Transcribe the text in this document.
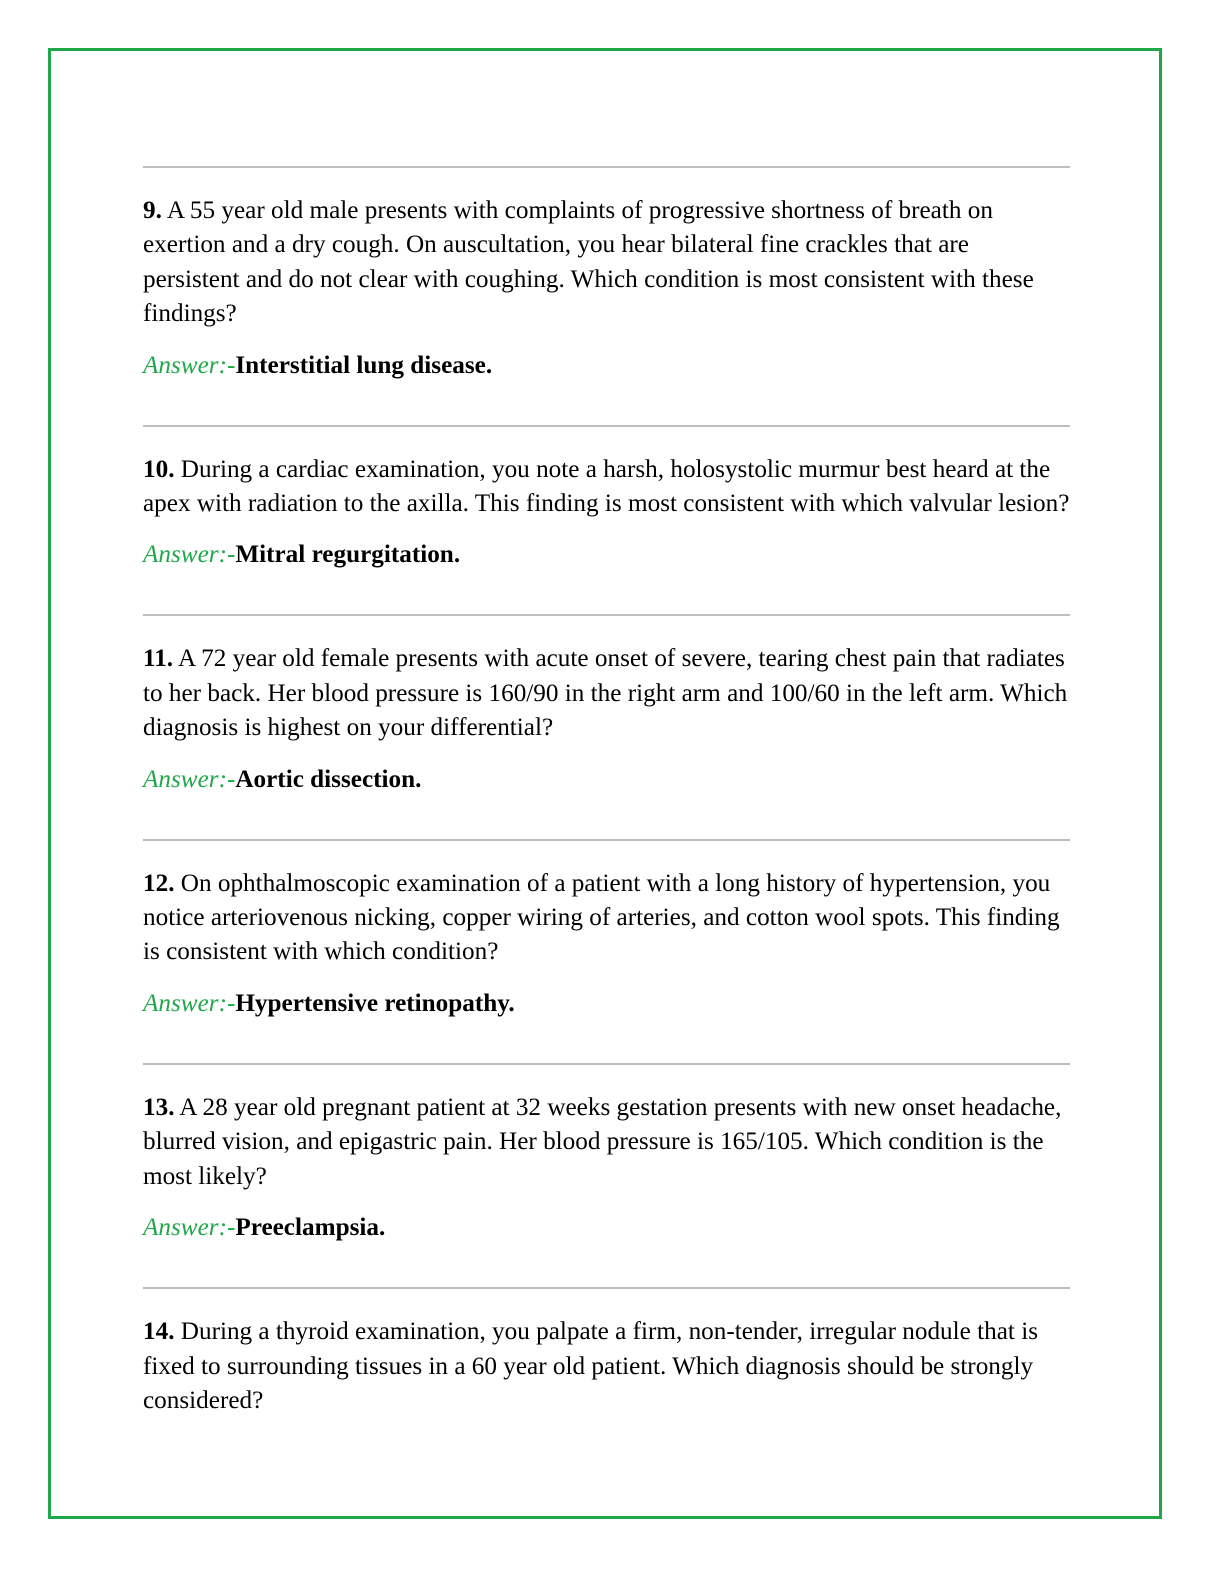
9. A 55 year old male presents with complaints of progressive shortness of breath on exertion and a dry cough. On auscultation, you hear bilateral fine crackles that are persistent and do not clear with coughing. Which condition is most consistent with these findings?

Answer:-Interstitial lung disease.

10. During a cardiac examination, you note a harsh, holosystolic murmur best heard at the apex with radiation to the axilla. This finding is most consistent with which valvular lesion?

Answer:-Mitral regurgitation.

11. A 72 year old female presents with acute onset of severe, tearing chest pain that radiates to her back. Her blood pressure is 160/90 in the right arm and 100/60 in the left arm. Which diagnosis is highest on your differential?

Answer:-Aortic dissection.

12. On ophthalmoscopic examination of a patient with a long history of hypertension, you notice arteriovenous nicking, copper wiring of arteries, and cotton wool spots. This finding is consistent with which condition?

Answer:-Hypertensive retinopathy.

13. A 28 year old pregnant patient at 32 weeks gestation presents with new onset headache, blurred vision, and epigastric pain. Her blood pressure is 165/105. Which condition is the most likely?

Answer:-Preeclampsia.

14. During a thyroid examination, you palpate a firm, non-tender, irregular nodule that is fixed to surrounding tissues in a 60 year old patient. Which diagnosis should be strongly considered?
